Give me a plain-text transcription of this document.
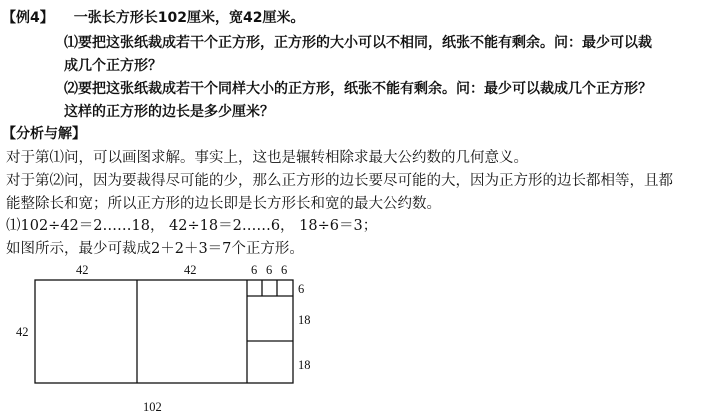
【例4】 一张长方形长102厘米，宽42厘米。
⑴要把这张纸裁成若干个正方形，正方形的大小可以不相同，纸张不能有剩余。问：最少可以裁
成几个正方形？
⑵要把这张纸裁成若干个同样大小的正方形，纸张不能有剩余。问：最少可以裁成几个正方形？
这样的正方形的边长是多少厘米？
【分析与解】
对于第⑴问，可以画图求解。事实上，这也是辗转相除求最大公约数的几何意义。
对于第⑵问，因为要裁得尽可能的少，那么正方形的边长要尽可能的大，因为正方形的边长都相等，且都
能整除长和宽；所以正方形的边长即是长方形长和宽的最大公约数。
⑴102÷42＝2……18， 42÷18＝2……6， 18÷6＝3；
如图所示，最少可裁成2＋2＋3＝7个正方形。
42	42	6 6 6
42
6
18
18
102
